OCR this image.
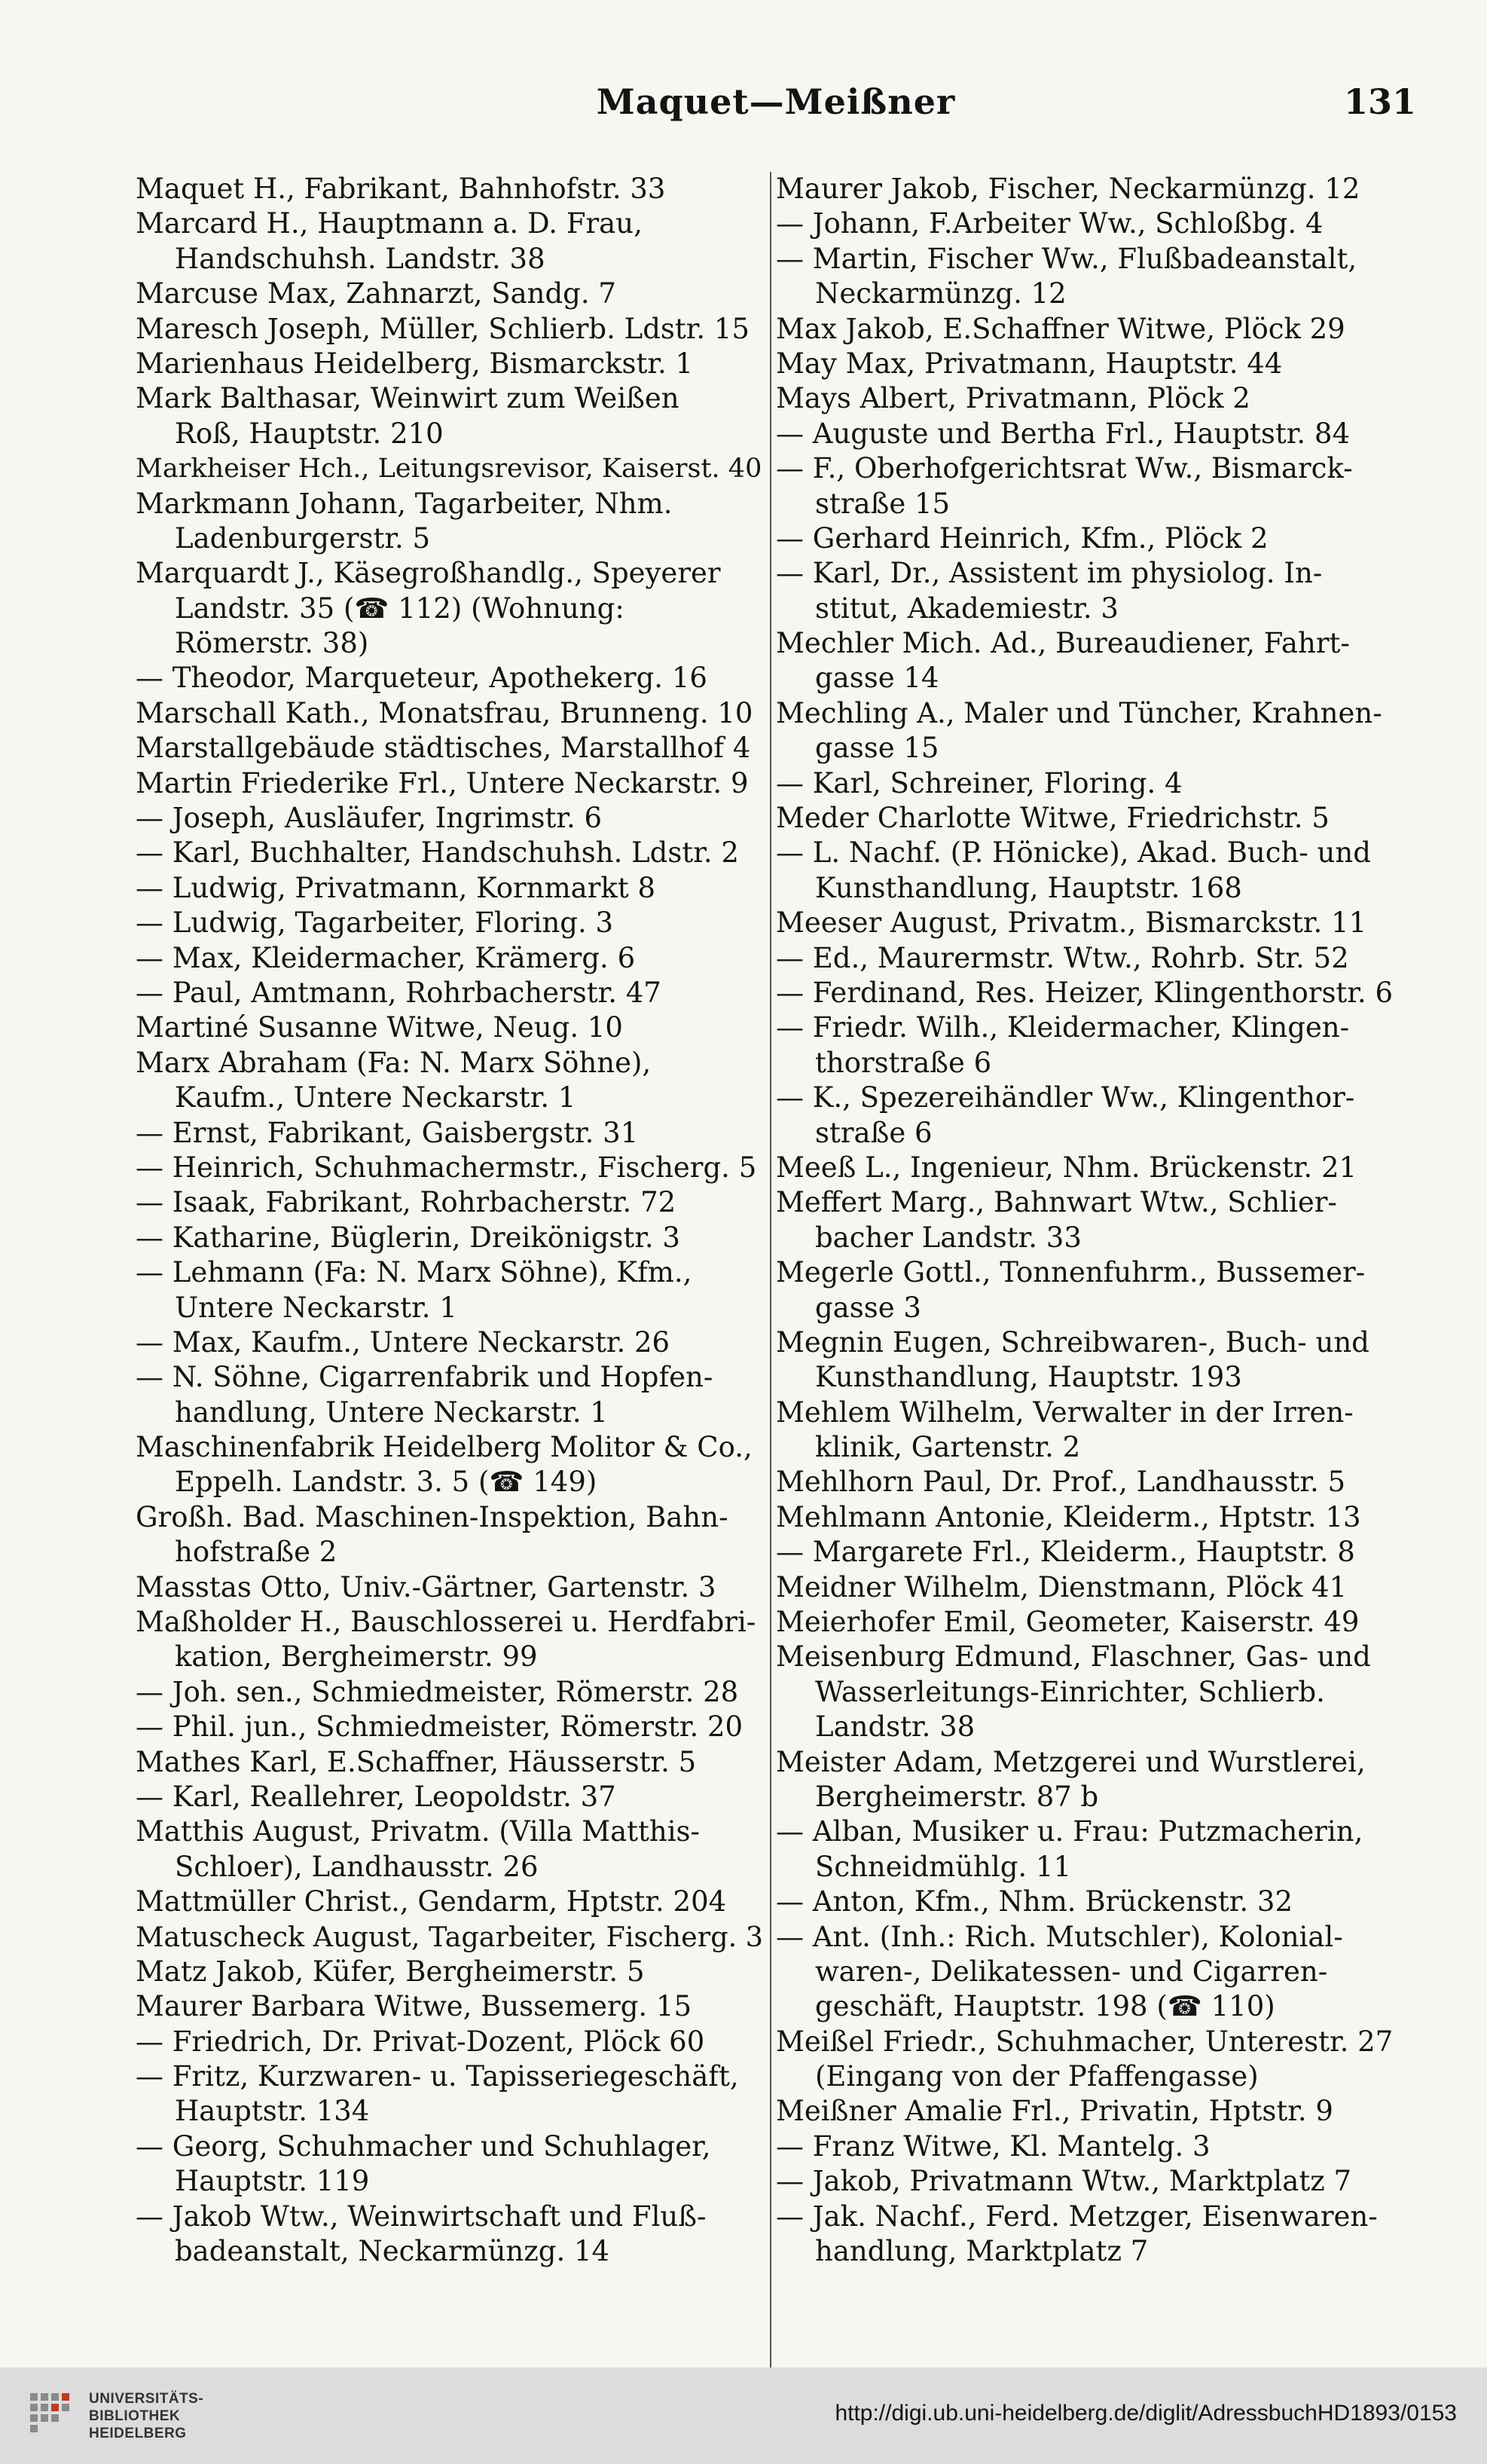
Maquet—Meißner	131
Maquet H., Fabrikant, Bahnhofstr. 33
Marcard H., Hauptmann a. D. Frau,
Handschuhsh. Landstr. 38
Marcuse Max, Zahnarzt, Sandg. 7
Maresch Joseph, Müller, Schlierb. Ldstr. 15
Marienhaus Heidelberg, Bismarckstr. 1
Mark Balthasar, Weinwirt zum Weißen
Roß, Hauptstr. 210
Markheiser Hch., Leitungsrevisor, Kaiserst. 40
Markmann Johann, Tagarbeiter, Nhm.
Ladenburgerstr. 5
Marquardt J., Käsegroßhandlg., Speyerer
Landstr. 35 (☎ 112) (Wohnung:
Römerstr. 38)
— Theodor, Marqueteur, Apothekerg. 16
Marschall Kath., Monatsfrau, Brunneng. 10
Marstallgebäude städtisches, Marstallhof 4
Martin Friederike Frl., Untere Neckarstr. 9
— Joseph, Ausläufer, Ingrimstr. 6
— Karl, Buchhalter, Handschuhsh. Ldstr. 2
— Ludwig, Privatmann, Kornmarkt 8
— Ludwig, Tagarbeiter, Floring. 3
— Max, Kleidermacher, Krämerg. 6
— Paul, Amtmann, Rohrbacherstr. 47
Martiné Susanne Witwe, Neug. 10
Marx Abraham (Fa: N. Marx Söhne),
Kaufm., Untere Neckarstr. 1
— Ernst, Fabrikant, Gaisbergstr. 31
— Heinrich, Schuhmachermstr., Fischerg. 5
— Isaak, Fabrikant, Rohrbacherstr. 72
— Katharine, Büglerin, Dreikönigstr. 3
— Lehmann (Fa: N. Marx Söhne), Kfm.,
Untere Neckarstr. 1
— Max, Kaufm., Untere Neckarstr. 26
— N. Söhne, Cigarrenfabrik und Hopfen-
handlung, Untere Neckarstr. 1
Maschinenfabrik Heidelberg Molitor & Co.,
Eppelh. Landstr. 3. 5 (☎ 149)
Großh. Bad. Maschinen-Inspektion, Bahn-
hofstraße 2
Masstas Otto, Univ.-Gärtner, Gartenstr. 3
Maßholder H., Bauschlosserei u. Herdfabri-
kation, Bergheimerstr. 99
— Joh. sen., Schmiedmeister, Römerstr. 28
— Phil. jun., Schmiedmeister, Römerstr. 20
Mathes Karl, E.Schaffner, Häusserstr. 5
— Karl, Reallehrer, Leopoldstr. 37
Matthis August, Privatm. (Villa Matthis-
Schloer), Landhausstr. 26
Mattmüller Christ., Gendarm, Hptstr. 204
Matuscheck August, Tagarbeiter, Fischerg. 3
Matz Jakob, Küfer, Bergheimerstr. 5
Maurer Barbara Witwe, Bussemerg. 15
— Friedrich, Dr. Privat-Dozent, Plöck 60
— Fritz, Kurzwaren- u. Tapisseriegeschäft,
Hauptstr. 134
— Georg, Schuhmacher und Schuhlager,
Hauptstr. 119
— Jakob Wtw., Weinwirtschaft und Fluß-
badeanstalt, Neckarmünzg. 14
Maurer Jakob, Fischer, Neckarmünzg. 12
— Johann, F.Arbeiter Ww., Schloßbg. 4
— Martin, Fischer Ww., Flußbadeanstalt,
Neckarmünzg. 12
Max Jakob, E.Schaffner Witwe, Plöck 29
May Max, Privatmann, Hauptstr. 44
Mays Albert, Privatmann, Plöck 2
— Auguste und Bertha Frl., Hauptstr. 84
— F., Oberhofgerichtsrat Ww., Bismarck-
straße 15
— Gerhard Heinrich, Kfm., Plöck 2
— Karl, Dr., Assistent im physiolog. In-
stitut, Akademiestr. 3
Mechler Mich. Ad., Bureaudiener, Fahrt-
gasse 14
Mechling A., Maler und Tüncher, Krahnen-
gasse 15
— Karl, Schreiner, Floring. 4
Meder Charlotte Witwe, Friedrichstr. 5
— L. Nachf. (P. Hönicke), Akad. Buch- und
Kunsthandlung, Hauptstr. 168
Meeser August, Privatm., Bismarckstr. 11
— Ed., Maurermstr. Wtw., Rohrb. Str. 52
— Ferdinand, Res. Heizer, Klingenthorstr. 6
— Friedr. Wilh., Kleidermacher, Klingen-
thorstraße 6
— K., Spezereihändler Ww., Klingenthor-
straße 6
Meeß L., Ingenieur, Nhm. Brückenstr. 21
Meffert Marg., Bahnwart Wtw., Schlier-
bacher Landstr. 33
Megerle Gottl., Tonnenfuhrm., Bussemer-
gasse 3
Megnin Eugen, Schreibwaren-, Buch- und
Kunsthandlung, Hauptstr. 193
Mehlem Wilhelm, Verwalter in der Irren-
klinik, Gartenstr. 2
Mehlhorn Paul, Dr. Prof., Landhausstr. 5
Mehlmann Antonie, Kleiderm., Hptstr. 13
— Margarete Frl., Kleiderm., Hauptstr. 8
Meidner Wilhelm, Dienstmann, Plöck 41
Meierhofer Emil, Geometer, Kaiserstr. 49
Meisenburg Edmund, Flaschner, Gas- und
Wasserleitungs-Einrichter, Schlierb.
Landstr. 38
Meister Adam, Metzgerei und Wurstlerei,
Bergheimerstr. 87 b
— Alban, Musiker u. Frau: Putzmacherin,
Schneidmühlg. 11
— Anton, Kfm., Nhm. Brückenstr. 32
— Ant. (Inh.: Rich. Mutschler), Kolonial-
waren-, Delikatessen- und Cigarren-
geschäft, Hauptstr. 198 (☎ 110)
Meißel Friedr., Schuhmacher, Unterestr. 27
(Eingang von der Pfaffengasse)
Meißner Amalie Frl., Privatin, Hptstr. 9
— Franz Witwe, Kl. Mantelg. 3
— Jakob, Privatmann Wtw., Marktplatz 7
— Jak. Nachf., Ferd. Metzger, Eisenwaren-
handlung, Marktplatz 7
UNIVERSITÄTS-
BIBLIOTHEK
HEIDELBERG
http://digi.ub.uni-heidelberg.de/diglit/AdressbuchHD1893/0153
